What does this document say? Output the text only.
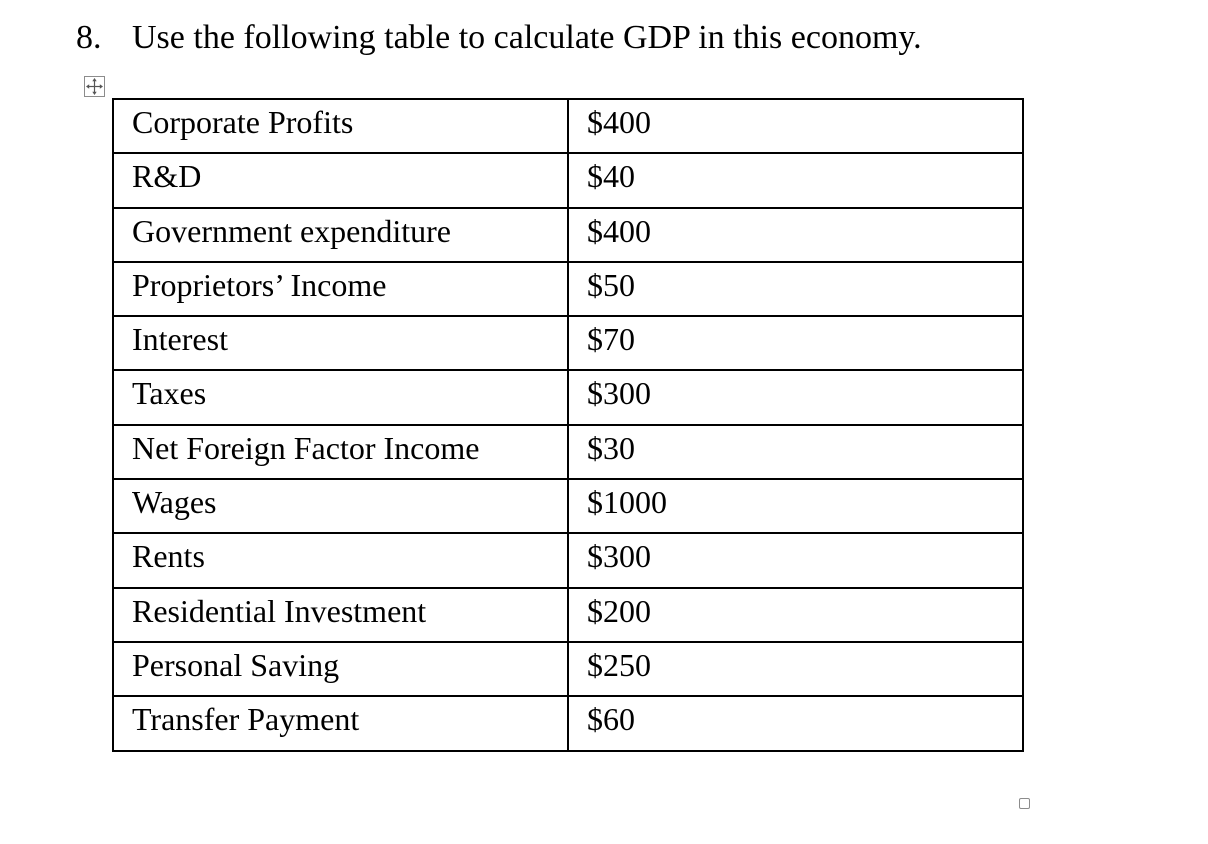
8. Use the following table to calculate GDP in this economy.
Corporate Profits	$400
R&D	$40
Government expenditure	$400
Proprietors’ Income	$50
Interest	$70
Taxes	$300
Net Foreign Factor Income	$30
Wages	$1000
Rents	$300
Residential Investment	$200
Personal Saving	$250
Transfer Payment	$60
